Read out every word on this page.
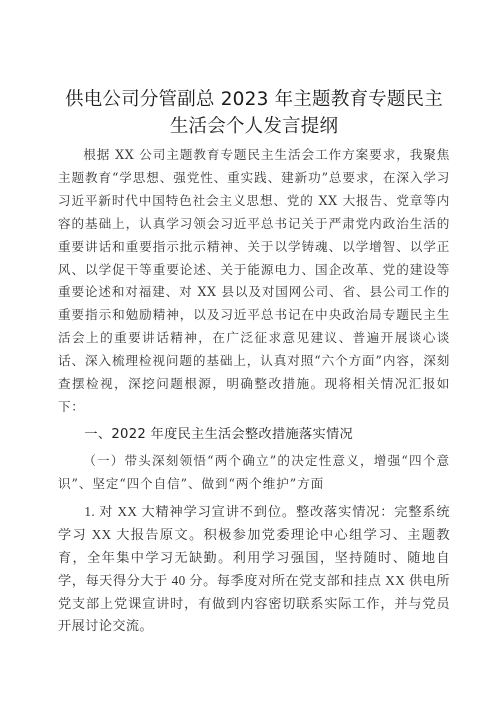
供电公司分管副总 2023 年主题教育专题民主
生活会个人发言提纲

根据 XX 公司主题教育专题民主生活会工作方案要求，我聚焦主题教育“学思想、强党性、重实践、建新功”总要求，在深入学习习近平新时代中国特色社会主义思想、党的 XX 大报告、党章等内容的基础上，认真学习领会习近平总书记关于严肃党内政治生活的重要讲话和重要指示批示精神、关于以学铸魂、以学增智、以学正风、以学促干等重要论述、关于能源电力、国企改革、党的建设等重要论述和对福建、对 XX 县以及对国网公司、省、县公司工作的重要指示和勉励精神，以及习近平总书记在中央政治局专题民主生活会上的重要讲话精神，在广泛征求意见建议、普遍开展谈心谈话、深入梳理检视问题的基础上，认真对照“六个方面”内容，深刻查摆检视，深挖问题根源，明确整改措施。现将相关情况汇报如下：

一、2022 年度民主生活会整改措施落实情况

（一）带头深刻领悟“两个确立”的决定性意义，增强“四个意识”、坚定“四个自信”、做到“两个维护”方面

1. 对 XX 大精神学习宣讲不到位。整改落实情况：完整系统学习 XX 大报告原文。积极参加党委理论中心组学习、主题教育，全年集中学习无缺勤。利用学习强国，坚持随时、随地自学，每天得分大于 40 分。每季度对所在党支部和挂点 XX 供电所党支部上党课宣讲时，有做到内容密切联系实际工作，并与党员开展讨论交流。
